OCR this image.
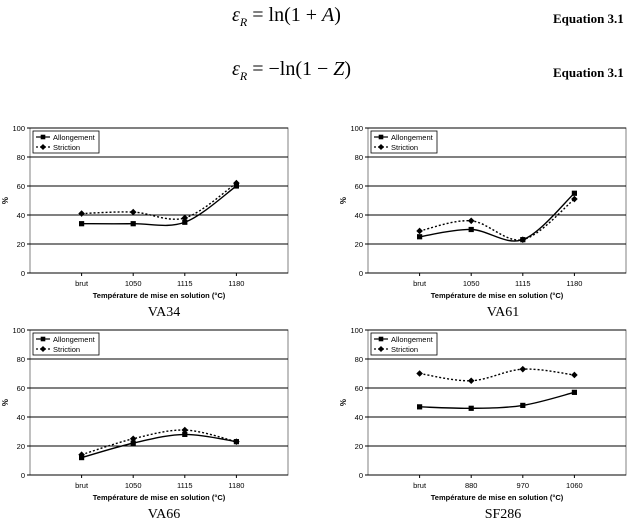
$\varepsilon_R = \ln(1 + A)$	Equation 3.1
$\varepsilon_R = -\ln(1 - Z)$	Equation 3.1
0
20
40
60
80
100
%
brut	1050	1115	1180
Température de mise en solution (°C)
Allongement
Striction
VA34
0
20
40
60
80
100
%
brut	1050	1115	1180
Température de mise en solution (°C)
Allongement
Striction
VA61
0
20
40
60
80
100
%
brut	1050	1115	1180
Température de mise en solution (°C)
Allongement
Striction
VA66
0
20
40
60
80
100
%
brut	880	970	1060
Température de mise en solution (°C)
Allongement
Striction
SF286
